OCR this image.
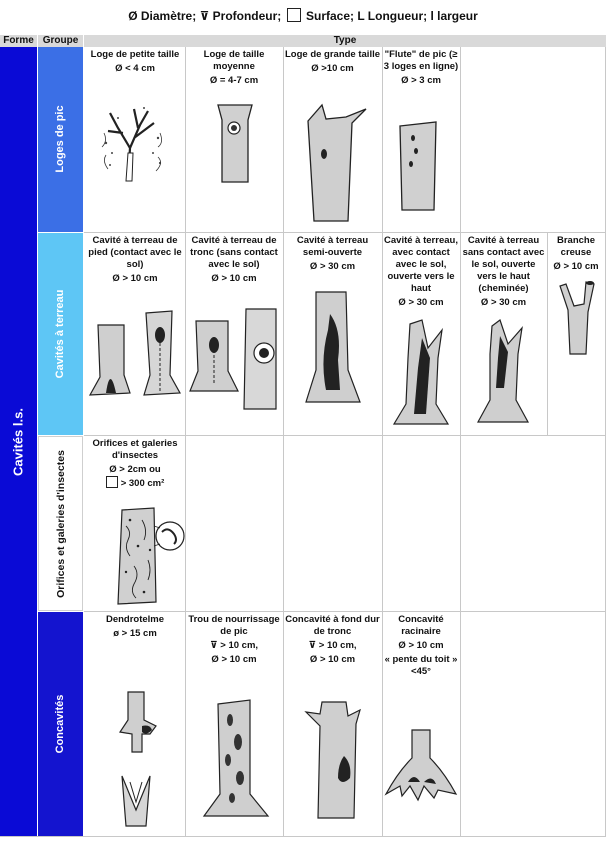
Ø Diamètre; ⊽ Profondeur; Surface; L Longueur; l largeur
Forme Groupe	Type
Cavités l.s.
Loges de pic
Cavités à terreau
Orifices et galeries d'insectes
Concavités
Loge de petite taille
Ø < 4 cm
Loge de taille moyenne
Ø = 4-7 cm
Loge de grande taille
Ø >10 cm
"Flute" de pic (≥ 3 loges en ligne)
Ø > 3 cm
Cavité à terreau de pied (contact avec le sol)
Ø > 10 cm
Cavité à terreau de tronc (sans contact avec le sol)
Ø > 10 cm
Cavité à terreau semi-ouverte
Ø > 30 cm
Cavité à terreau, avec contact avec le sol, ouverte vers le haut
Ø > 30 cm
Cavité à terreau sans contact avec le sol, ouverte vers le haut (cheminée)
Ø > 30 cm
Branche creuse
Ø > 10 cm
Orifices et galeries d'insectes
Ø > 2cm ou
> 300 cm²
Dendrotelme
ø > 15 cm
Trou de nourrissage de pic
⊽ > 10 cm,
Ø > 10 cm
Concavité à fond dur de tronc
⊽ > 10 cm,
Ø > 10 cm
Concavité racinaire
Ø > 10 cm
« pente du toit » <45°
